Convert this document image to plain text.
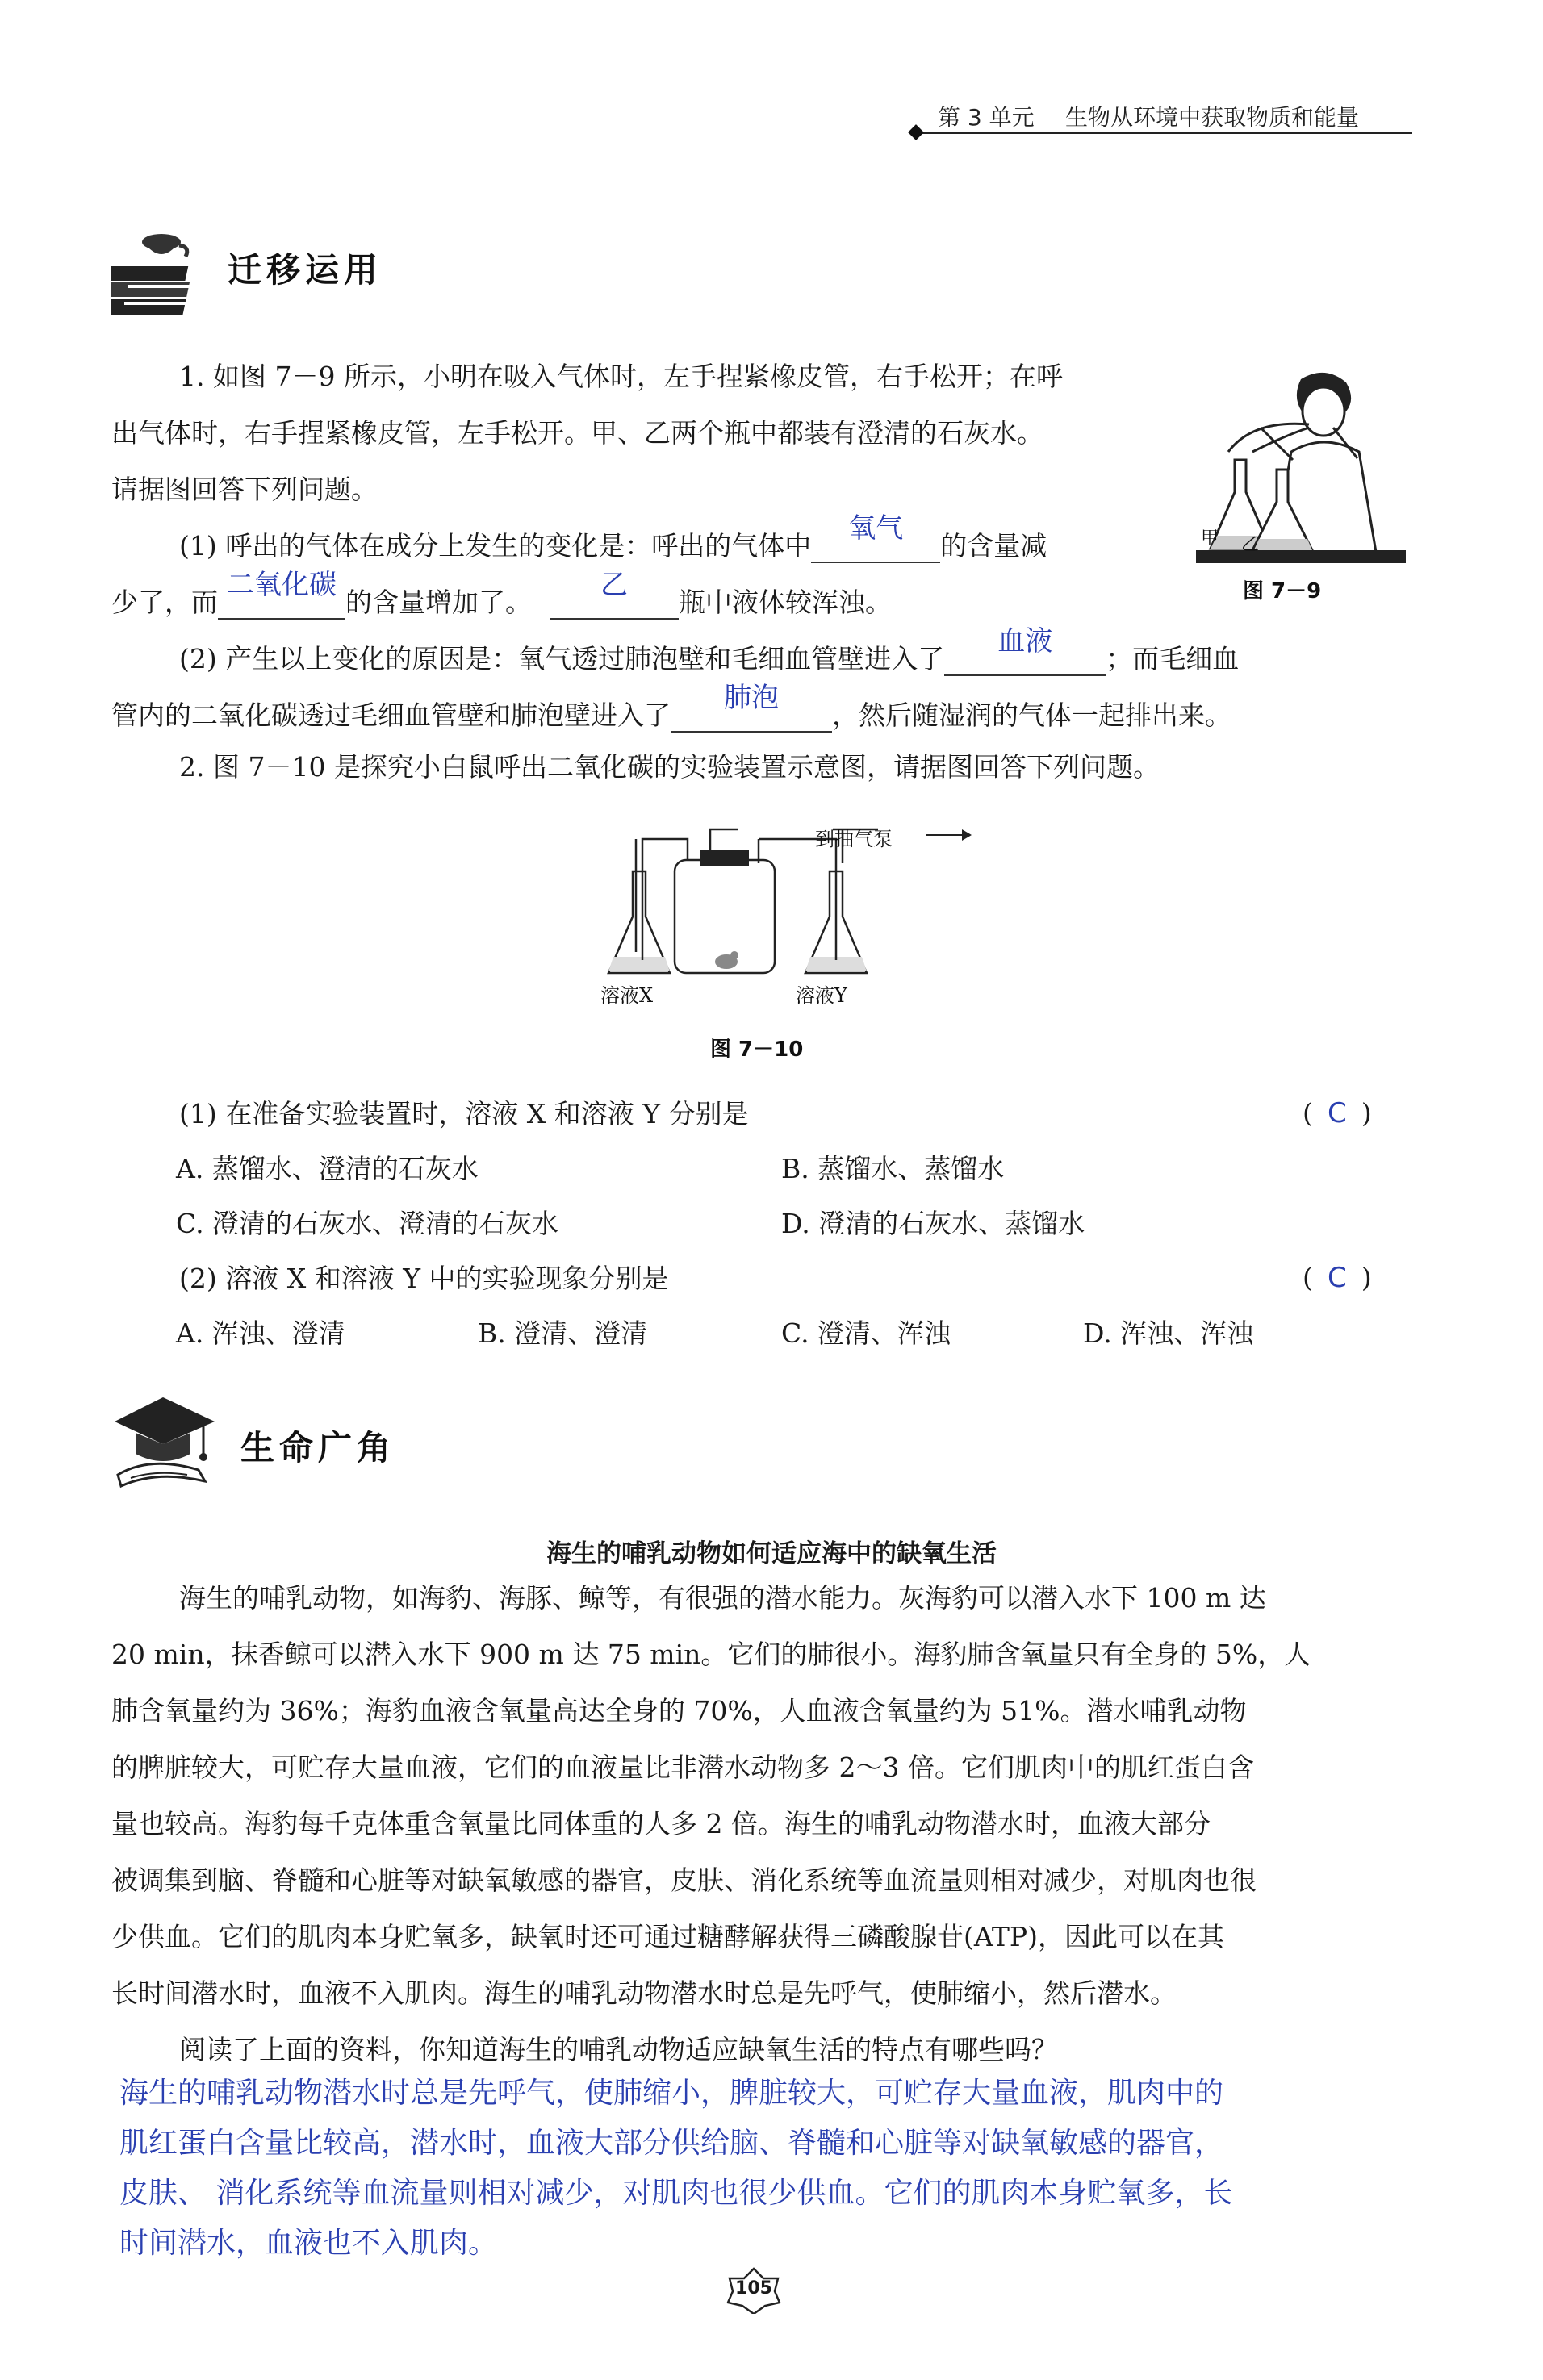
第 3 单元 生物从环境中获取物质和能量
迁移运用
1. 如图 7－9 所示，小明在吸入气体时，左手捏紧橡皮管，右手松开；在呼
出气体时，右手捏紧橡皮管，左手松开。甲、乙两个瓶中都装有澄清的石灰水。
请据图回答下列问题。
(1) 呼出的气体在成分上发生的变化是：呼出的气体中
氧气
的含量减
少了，而
二氧化碳
的含量增加了。
乙
瓶中液体较浑浊。
(2) 产生以上变化的原因是：氧气透过肺泡壁和毛细血管壁进入了
血液
；而毛细血
管内的二氧化碳透过毛细血管壁和肺泡壁进入了
肺泡
，然后随湿润的气体一起排出来。
甲 乙
图 7－9
2. 图 7－10 是探究小白鼠呼出二氧化碳的实验装置示意图，请据图回答下列问题。
到抽气泵
溶液X	溶液Y
图 7－10
(1) 在准备实验装置时，溶液 X 和溶液 Y 分别是	( C )
A. 蒸馏水、澄清的石灰水	B. 蒸馏水、蒸馏水
C. 澄清的石灰水、澄清的石灰水	D. 澄清的石灰水、蒸馏水
(2) 溶液 X 和溶液 Y 中的实验现象分别是	( C )
A. 浑浊、澄清	B. 澄清、澄清	C. 澄清、浑浊	D. 浑浊、浑浊
生命广角
海生的哺乳动物如何适应海中的缺氧生活
海生的哺乳动物，如海豹、海豚、鲸等，有很强的潜水能力。灰海豹可以潜入水下 100 m 达
20 min，抹香鲸可以潜入水下 900 m 达 75 min。它们的肺很小。海豹肺含氧量只有全身的 5%，人
肺含氧量约为 36%；海豹血液含氧量高达全身的 70%，人血液含氧量约为 51%。潜水哺乳动物
的脾脏较大，可贮存大量血液，它们的血液量比非潜水动物多 2～3 倍。它们肌肉中的肌红蛋白含
量也较高。海豹每千克体重含氧量比同体重的人多 2 倍。海生的哺乳动物潜水时，血液大部分
被调集到脑、脊髓和心脏等对缺氧敏感的器官，皮肤、消化系统等血流量则相对减少，对肌肉也很
少供血。它们的肌肉本身贮氧多，缺氧时还可通过糖酵解获得三磷酸腺苷(ATP)，因此可以在其
长时间潜水时，血液不入肌肉。海生的哺乳动物潜水时总是先呼气，使肺缩小，然后潜水。
阅读了上面的资料，你知道海生的哺乳动物适应缺氧生活的特点有哪些吗？
海生的哺乳动物潜水时总是先呼气，使肺缩小，脾脏较大，可贮存大量血液，肌肉中的
肌红蛋白含量比较高，潜水时，血液大部分供给脑、脊髓和心脏等对缺氧敏感的器官，
皮肤、 消化系统等血流量则相对减少，对肌肉也很少供血。它们的肌肉本身贮氧多，长
时间潜水，血液也不入肌肉。
105
